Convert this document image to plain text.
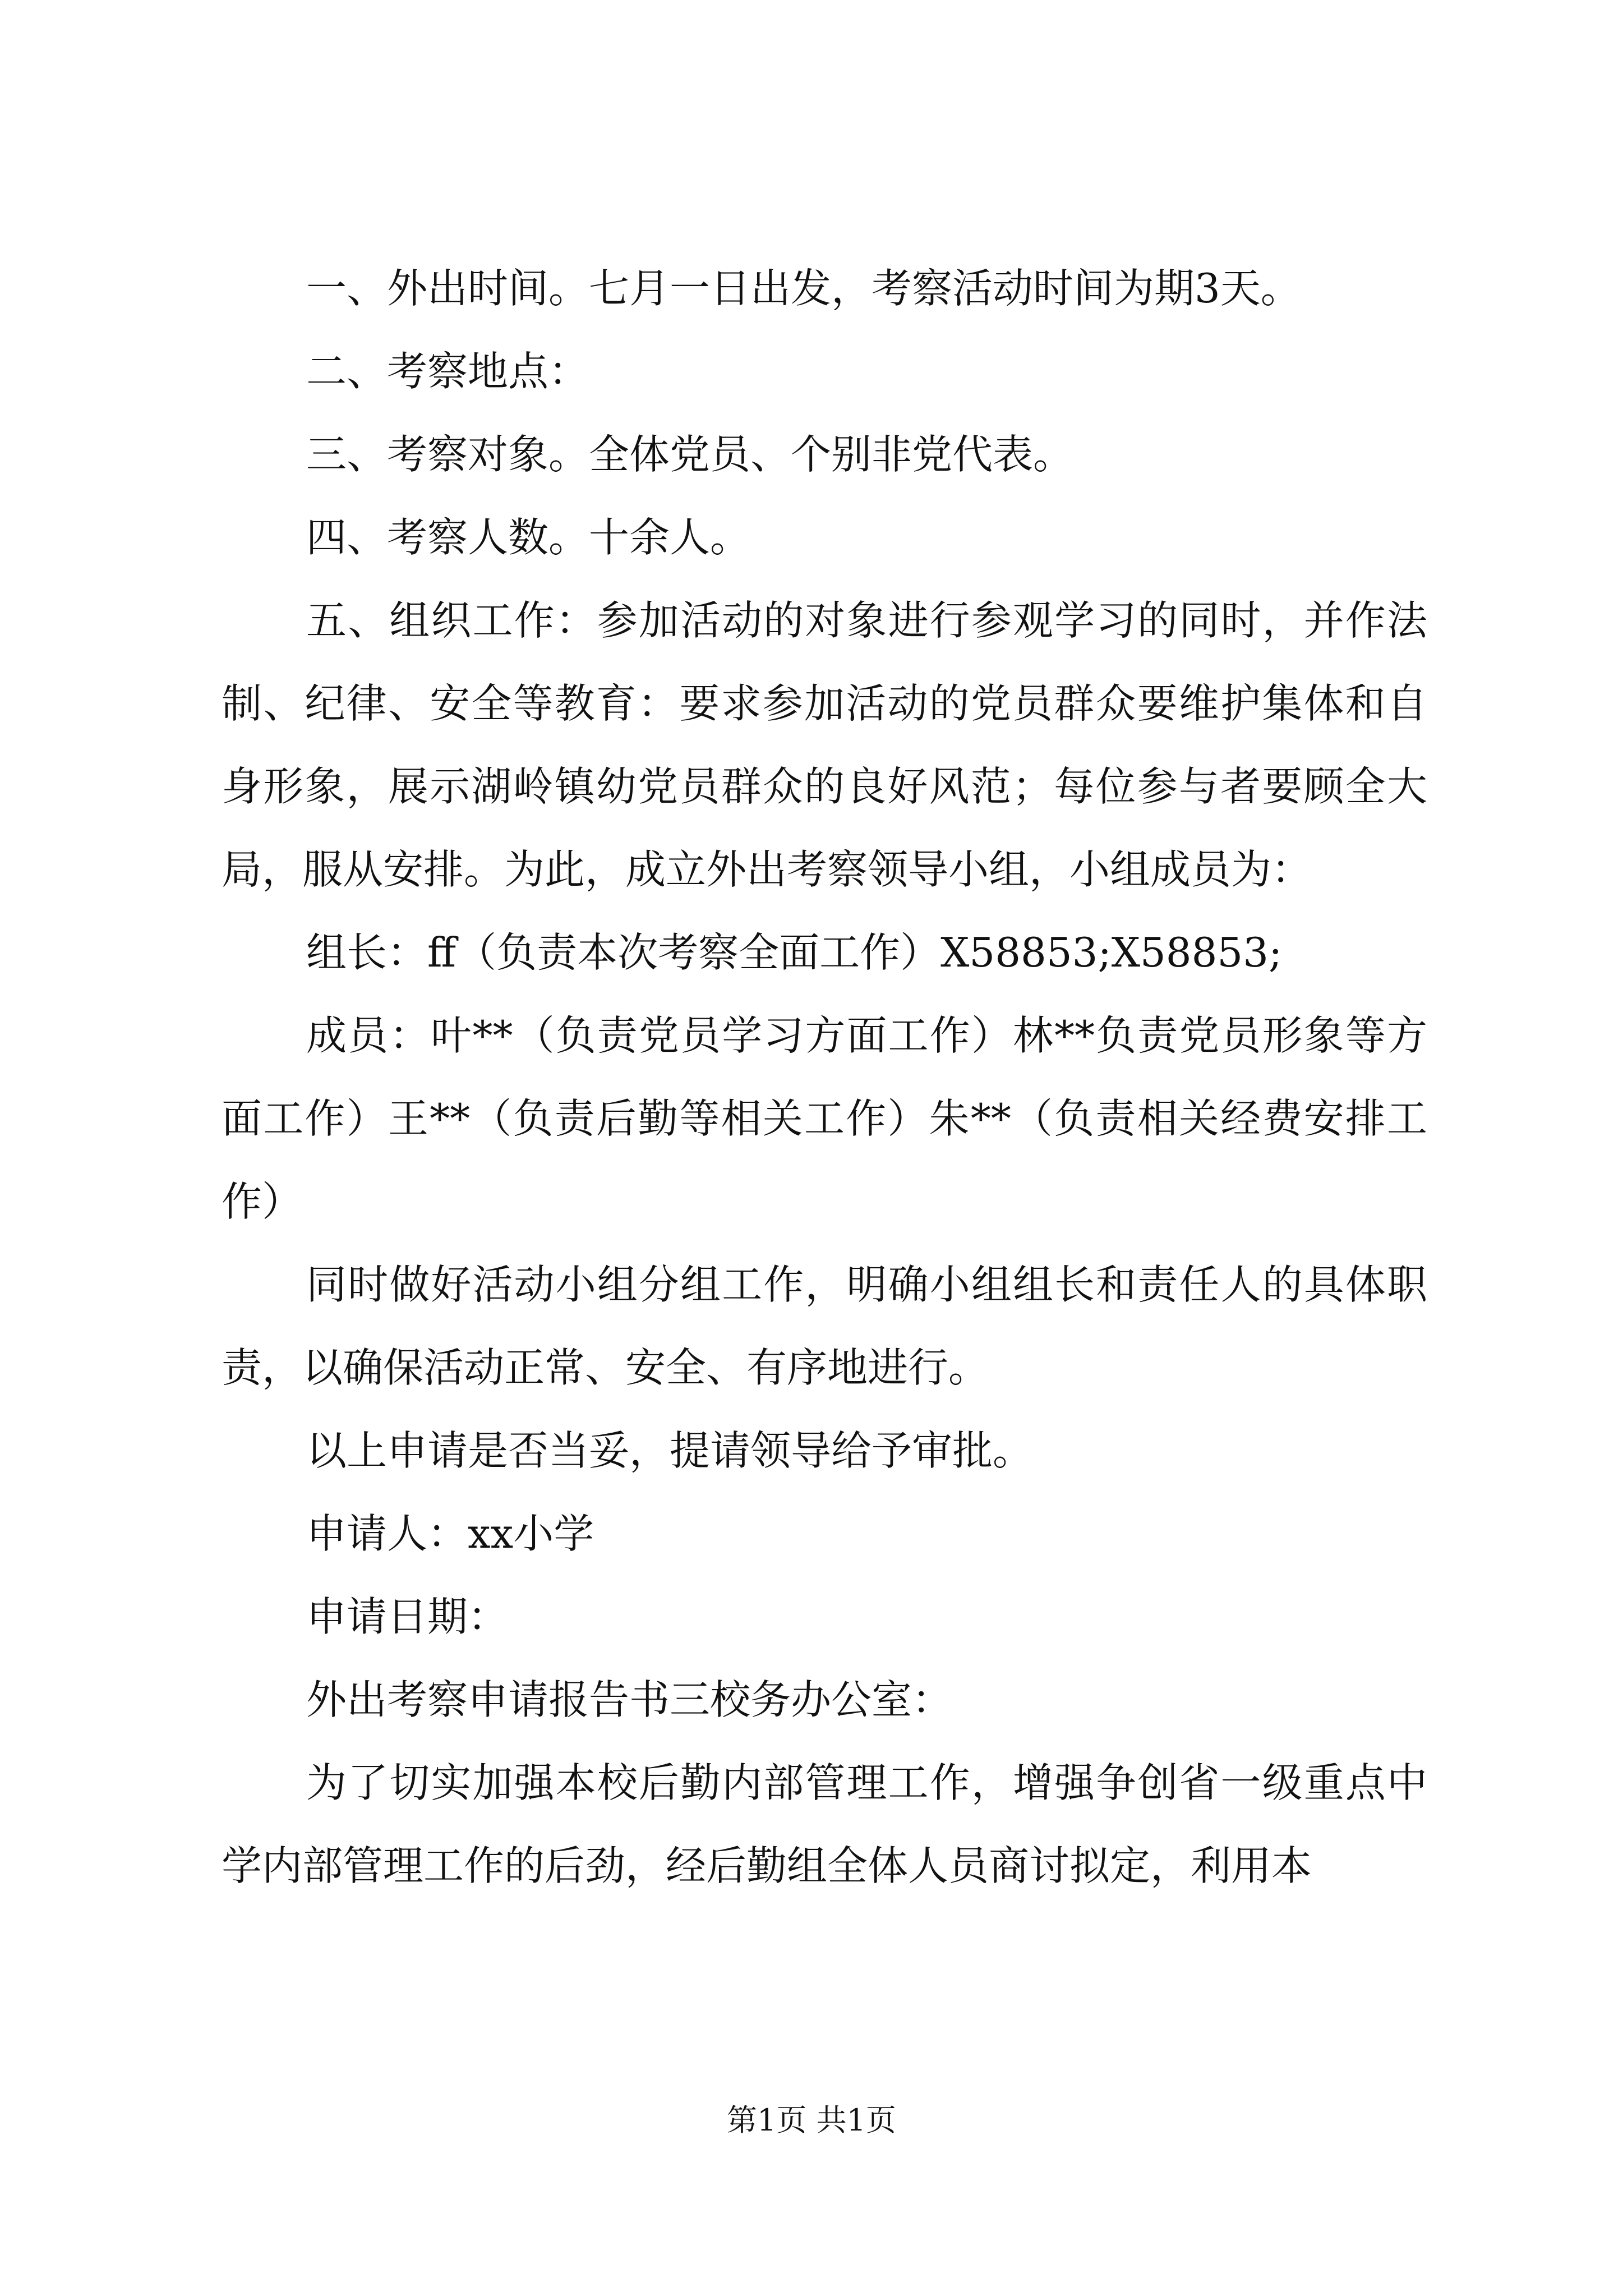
一、外出时间。七月一日出发，考察活动时间为期3天。

二、考察地点：

三、考察对象。全体党员、个别非党代表。

四、考察人数。十余人。

五、组织工作：参加活动的对象进行参观学习的同时，并作法制、纪律、安全等教育：要求参加活动的党员群众要维护集体和自身形象，展示湖岭镇幼党员群众的良好风范；每位参与者要顾全大局，服从安排。为此，成立外出考察领导小组，小组成员为：

组长：ff（负责本次考察全面工作）X58853;X58853;

成员：叶**（负责党员学习方面工作）林**负责党员形象等方面工作）王**（负责后勤等相关工作）朱**（负责相关经费安排工作）

同时做好活动小组分组工作，明确小组组长和责任人的具体职责，以确保活动正常、安全、有序地进行。

以上申请是否当妥，提请领导给予审批。

申请人：xx小学

申请日期：

外出考察申请报告书三校务办公室：

为了切实加强本校后勤内部管理工作，增强争创省一级重点中学内部管理工作的后劲，经后勤组全体人员商讨拟定，利用本

第1页 共1页
